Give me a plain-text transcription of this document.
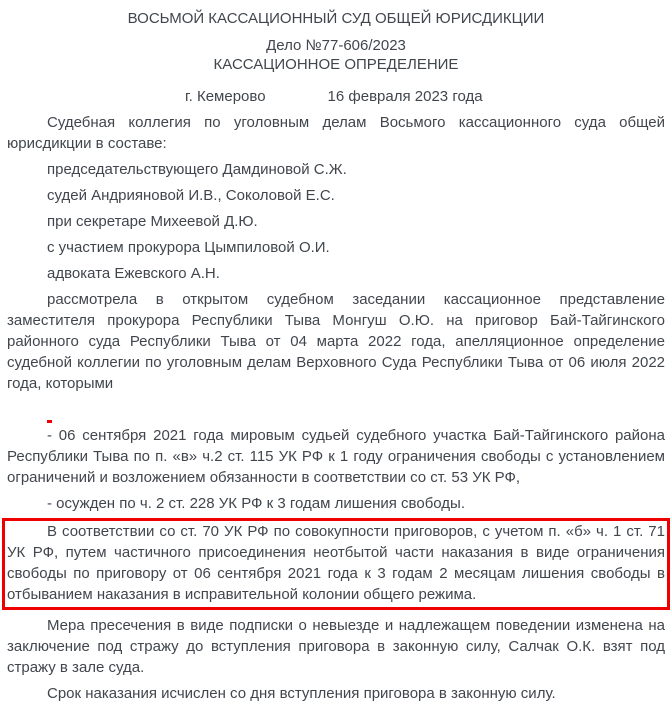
ВОСЬМОЙ КАССАЦИОННЫЙ СУД ОБЩЕЙ ЮРИСДИКЦИИ

Дело №77-606/2023

КАССАЦИОННОЕ ОПРЕДЕЛЕНИЕ

г. Кемерово	16 февраля 2023 года

Судебная коллегия по уголовным делам Восьмого кассационного суда общей юрисдикции в составе:

председательствующего Дамдиновой С.Ж.

судей Андрияновой И.В., Соколовой Е.С.

при секретаре Михеевой Д.Ю.

с участием прокурора Цымпиловой О.И.

адвоката Ежевского А.Н.

рассмотрела в открытом судебном заседании кассационное представление заместителя прокурора Республики Тыва Монгуш О.Ю. на приговор Бай-Тайгинского районного суда Республики Тыва от 04 марта 2022 года, апелляционное определение судебной коллегии по уголовным делам Верховного Суда Республики Тыва от 06 июля 2022 года, которыми

- 06 сентября 2021 года мировым судьей судебного участка Бай-Тайгинского района Республики Тыва по п. «в» ч.2 ст. 115 УК РФ к 1 году ограничения свободы с установлением ограничений и возложением обязанности в соответствии со ст. 53 УК РФ,

- осужден по ч. 2 ст. 228 УК РФ к 3 годам лишения свободы.

В соответствии со ст. 70 УК РФ по совокупности приговоров, с учетом п. «б» ч. 1 ст. 71 УК РФ, путем частичного присоединения неотбытой части наказания в виде ограничения свободы по приговору от 06 сентября 2021 года к 3 годам 2 месяцам лишения свободы в отбыванием наказания в исправительной колонии общего режима.

Мера пресечения в виде подписки о невыезде и надлежащем поведении изменена на заключение под стражу до вступления приговора в законную силу, Салчак О.К. взят под стражу в зале суда.

Срок наказания исчислен со дня вступления приговора в законную силу.
